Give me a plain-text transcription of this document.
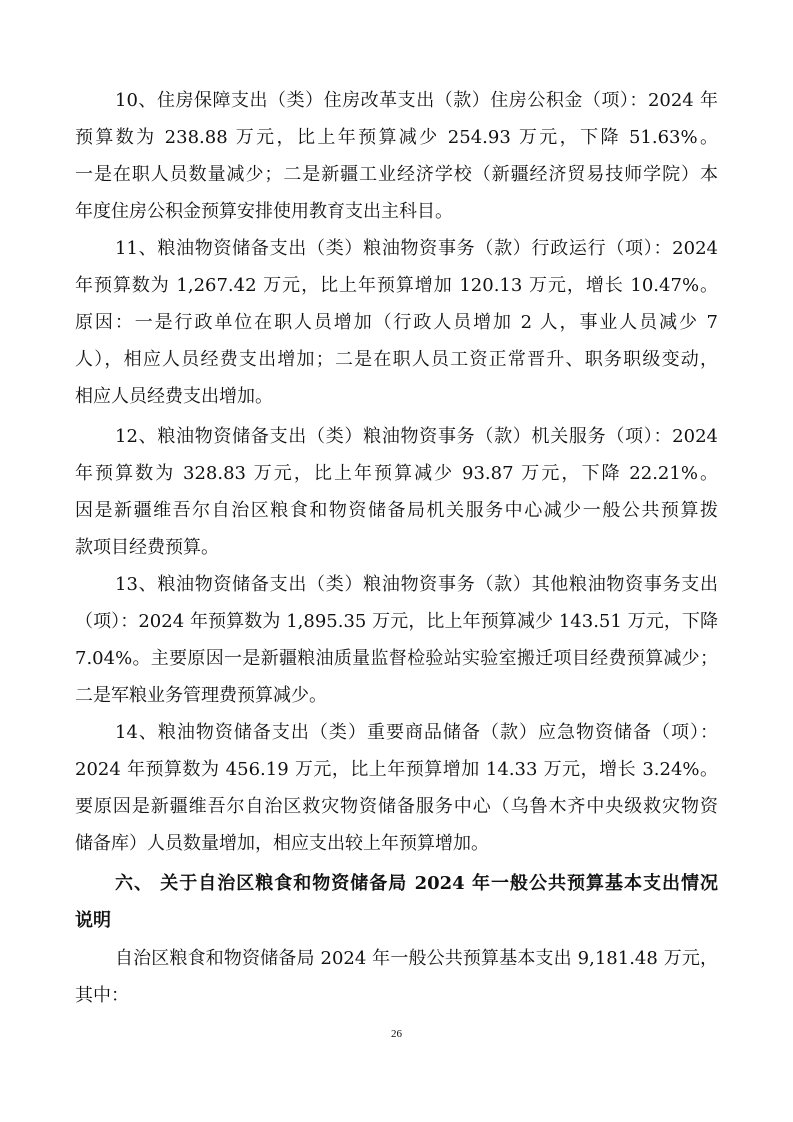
10、住房保障支出（类）住房改革支出（款）住房公积金（项）：2024 年
预算数为 238.88 万元，比上年预算减少 254.93 万元，下降 51.63%。
一是在职人员数量减少；二是新疆工业经济学校（新疆经济贸易技师学院）本
年度住房公积金预算安排使用教育支出主科目。
11、粮油物资储备支出（类）粮油物资事务（款）行政运行（项）：2024
年预算数为 1,267.42 万元，比上年预算增加 120.13 万元，增长 10.47%。
原因：一是行政单位在职人员增加（行政人员增加 2 人，事业人员减少 7
人），相应人员经费支出增加；二是在职人员工资正常晋升、职务职级变动，
相应人员经费支出增加。
12、粮油物资储备支出（类）粮油物资事务（款）机关服务（项）：2024
年预算数为 328.83 万元，比上年预算减少 93.87 万元，下降 22.21%。
因是新疆维吾尔自治区粮食和物资储备局机关服务中心减少一般公共预算拨
款项目经费预算。
13、粮油物资储备支出（类）粮油物资事务（款）其他粮油物资事务支出
（项）：2024 年预算数为 1,895.35 万元，比上年预算减少 143.51 万元，下降
7.04%。主要原因一是新疆粮油质量监督检验站实验室搬迁项目经费预算减少；
二是军粮业务管理费预算减少。
14、粮油物资储备支出（类）重要商品储备（款）应急物资储备（项）：
2024 年预算数为 456.19 万元，比上年预算增加 14.33 万元，增长 3.24%。
要原因是新疆维吾尔自治区救灾物资储备服务中心（乌鲁木齐中央级救灾物资
储备库）人员数量增加，相应支出较上年预算增加。
六、 关于自治区粮食和物资储备局 2024 年一般公共预算基本支出情况
说明
自治区粮食和物资储备局 2024 年一般公共预算基本支出 9,181.48 万元，
其中：
26
